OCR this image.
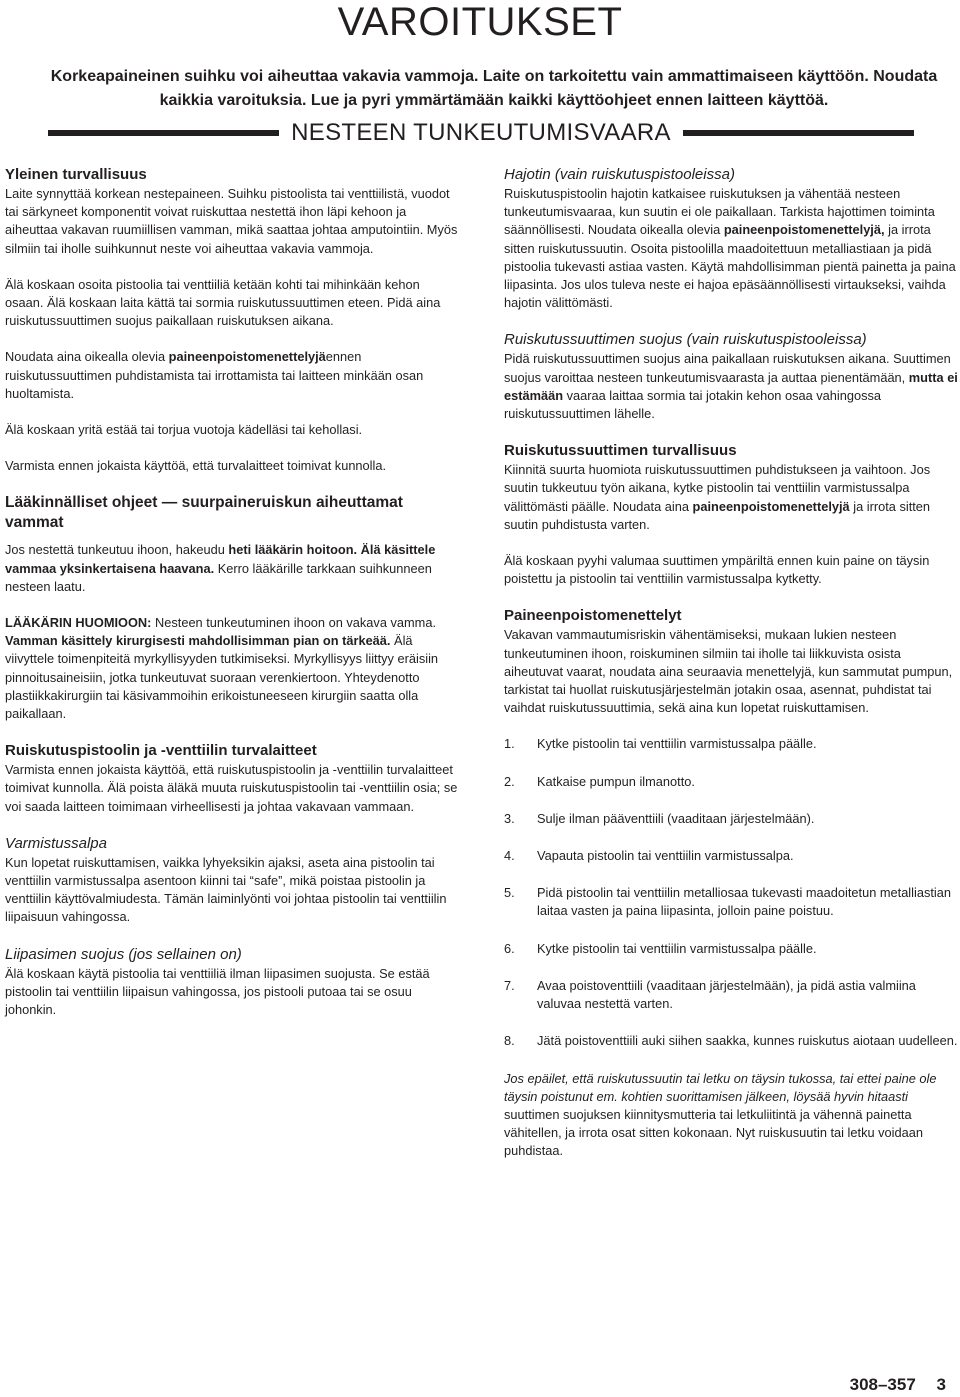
VAROITUKSET
Korkeapaineinen suihku voi aiheuttaa vakavia vammoja. Laite on tarkoitettu vain ammattimaiseen käyttöön. Noudata kaikkia varoituksia. Lue ja pyri ymmärtämään kaikki käyttöohjeet ennen laitteen käyttöä.
NESTEEN TUNKEUTUMISVAARA
Yleinen turvallisuus

Laite synnyttää korkean nestepaineen. Suihku pistoolista tai venttiilistä, vuodot tai särkyneet komponentit voivat ruiskuttaa nestettä ihon läpi kehoon ja aiheuttaa vakavan ruumiillisen vamman, mikä saattaa johtaa amputointiin. Myös silmiin tai iholle suihkunnut neste voi aiheuttaa vakavia vammoja.

Älä koskaan osoita pistoolia tai venttiiliä ketään kohti tai mihinkään kehon osaan. Älä koskaan laita kättä tai sormia ruiskutussuuttimen eteen. Pidä aina ruiskutussuuttimen suojus paikallaan ruiskutuksen aikana.

Noudata aina oikealla olevia paineenpoistomenettelyjäennen ruiskutussuuttimen puhdistamista tai irrottamista tai laitteen minkään osan huoltamista.

Älä koskaan yritä estää tai torjua vuotoja kädelläsi tai kehollasi.

Varmista ennen jokaista käyttöä, että turvalaitteet toimivat kunnolla.

Lääkinnälliset ohjeet — suurpaineruiskun aiheuttamat vammat

Jos nestettä tunkeutuu ihoon, hakeudu heti lääkärin hoitoon. Älä käsittele vammaa yksinkertaisena haavana. Kerro lääkärille tarkkaan suihkunneen nesteen laatu.

LÄÄKÄRIN HUOMIOON: Nesteen tunkeutuminen ihoon on vakava vamma. Vamman käsittely kirurgisesti mahdollisimman pian on tärkeää. Älä viivyttele toimenpiteitä myrkyllisyyden tutkimiseksi. Myrkyllisyys liittyy eräisiin pinnoitusaineisiin, jotka tunkeutuvat suoraan verenkiertoon. Yhteydenotto plastiikkakirurgiin tai käsivammoihin erikoistuneeseen kirurgiin saatta olla paikallaan.

Ruiskutuspistoolin ja -venttiilin turvalaitteet

Varmista ennen jokaista käyttöä, että ruiskutuspistoolin ja -venttiilin turvalaitteet toimivat kunnolla. Älä poista äläkä muuta ruiskutuspistoolin tai -venttiilin osia; se voi saada laitteen toimimaan virheellisesti ja johtaa vakavaan vammaan.

Varmistussalpa

Kun lopetat ruiskuttamisen, vaikka lyhyeksikin ajaksi, aseta aina pistoolin tai venttiilin varmistussalpa asentoon kiinni tai “safe”, mikä poistaa pistoolin ja venttiilin käyttövalmiudesta. Tämän laiminlyönti voi johtaa pistoolin tai venttiilin liipaisuun vahingossa.

Liipasimen suojus (jos sellainen on)

Älä koskaan käytä pistoolia tai venttiiliä ilman liipasimen suojusta. Se estää pistoolin tai venttiilin liipaisun vahingossa, jos pistooli putoaa tai se osuu johonkin.

Hajotin (vain ruiskutuspistooleissa)

Ruiskutuspistoolin hajotin katkaisee ruiskutuksen ja vähentää nesteen tunkeutumisvaaraa, kun suutin ei ole paikallaan. Tarkista hajottimen toiminta säännöllisesti. Noudata oikealla olevia paineenpoistomenettelyjä, ja irrota sitten ruiskutussuutin. Osoita pistoolilla maadoitettuun metalliastiaan ja pidä pistoolia tukevasti astiaa vasten. Käytä mahdollisimman pientä painetta ja paina liipasinta. Jos ulos tuleva neste ei hajoa epäsäännöllisesti virtaukseksi, vaihda hajotin välittömästi.

Ruiskutussuuttimen suojus (vain ruiskutuspistooleissa)

Pidä ruiskutussuuttimen suojus aina paikallaan ruiskutuksen aikana. Suuttimen suojus varoittaa nesteen tunkeutumisvaarasta ja auttaa pienentämään, mutta ei estämään vaaraa laittaa sormia tai jotakin kehon osaa vahingossa ruiskutussuuttimen lähelle.

Ruiskutussuuttimen turvallisuus

Kiinnitä suurta huomiota ruiskutussuuttimen puhdistukseen ja vaihtoon. Jos suutin tukkeutuu työn aikana, kytke pistoolin tai venttiilin varmistussalpa välittömästi päälle. Noudata aina paineenpoistomenettelyjä ja irrota sitten suutin puhdistusta varten.

Älä koskaan pyyhi valumaa suuttimen ympäriltä ennen kuin paine on täysin poistettu ja pistoolin tai venttiilin varmistussalpa kytketty.

Paineenpoistomenettelyt

Vakavan vammautumisriskin vähentämiseksi, mukaan lukien nesteen tunkeutuminen ihoon, roiskuminen silmiin tai iholle tai liikkuvista osista aiheutuvat vaarat, noudata aina seuraavia menettelyjä, kun sammutat pumpun, tarkistat tai huollat ruiskutusjärjestelmän jotakin osaa, asennat, puhdistat tai vaihdat ruiskutussuuttimia, sekä aina kun lopetat ruiskuttamisen.

1.	Kytke pistoolin tai venttiilin varmistussalpa päälle.
2.	Katkaise pumpun ilmanotto.
3.	Sulje ilman pääventtiili (vaaditaan järjestelmään).
4.	Vapauta pistoolin tai venttiilin varmistussalpa.
5.	Pidä pistoolin tai venttiilin metalliosaa tukevasti maadoitetun metalliastian laitaa vasten ja paina liipasinta, jolloin paine poistuu.
6.	Kytke pistoolin tai venttiilin varmistussalpa päälle.
7.	Avaa poistoventtiili (vaaditaan järjestelmään), ja pidä astia valmiina valuvaa nestettä varten.
8.	Jätä poistoventtiili auki siihen saakka, kunnes ruiskutus aiotaan uudelleen.

Jos epäilet, että ruiskutussuutin tai letku on täysin tukossa, tai ettei paine ole täysin poistunut em. kohtien suorittamisen jälkeen, löysää hyvin hitaasti suuttimen suojuksen kiinnitysmutteria tai letkuliitintä ja vähennä painetta vähitellen, ja irrota osat sitten kokonaan. Nyt ruiskusuutin tai letku voidaan puhdistaa.

308–357 3
